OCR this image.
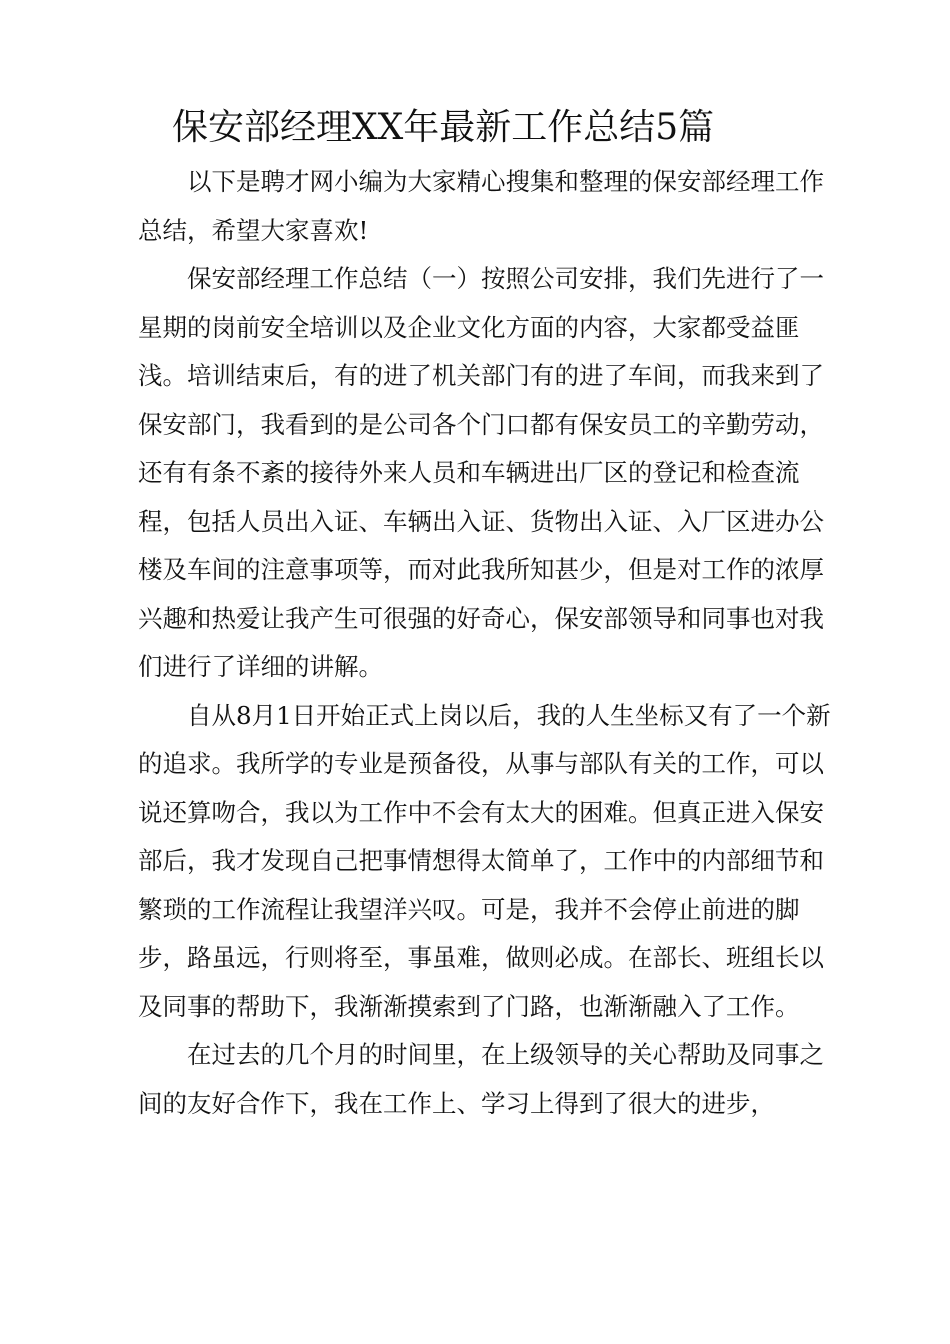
保安部经理XX年最新工作总结5篇

以下是聘才网小编为大家精心搜集和整理的保安部经理工作总结，希望大家喜欢!

保安部经理工作总结（一）按照公司安排，我们先进行了一星期的岗前安全培训以及企业文化方面的内容，大家都受益匪浅。培训结束后，有的进了机关部门有的进了车间，而我来到了保安部门，我看到的是公司各个门口都有保安员工的辛勤劳动，还有有条不紊的接待外来人员和车辆进出厂区的登记和检查流程，包括人员出入证、车辆出入证、货物出入证、入厂区进办公楼及车间的注意事项等，而对此我所知甚少，但是对工作的浓厚兴趣和热爱让我产生可很强的好奇心，保安部领导和同事也对我们进行了详细的讲解。

自从8月1日开始正式上岗以后，我的人生坐标又有了一个新的追求。我所学的专业是预备役，从事与部队有关的工作，可以说还算吻合，我以为工作中不会有太大的困难。但真正进入保安部后，我才发现自己把事情想得太简单了，工作中的内部细节和繁琐的工作流程让我望洋兴叹。可是，我并不会停止前进的脚步，路虽远，行则将至，事虽难，做则必成。在部长、班组长以及同事的帮助下，我渐渐摸索到了门路，也渐渐融入了工作。

在过去的几个月的时间里，在上级领导的关心帮助及同事之间的友好合作下，我在工作上、学习上得到了很大的进步，
